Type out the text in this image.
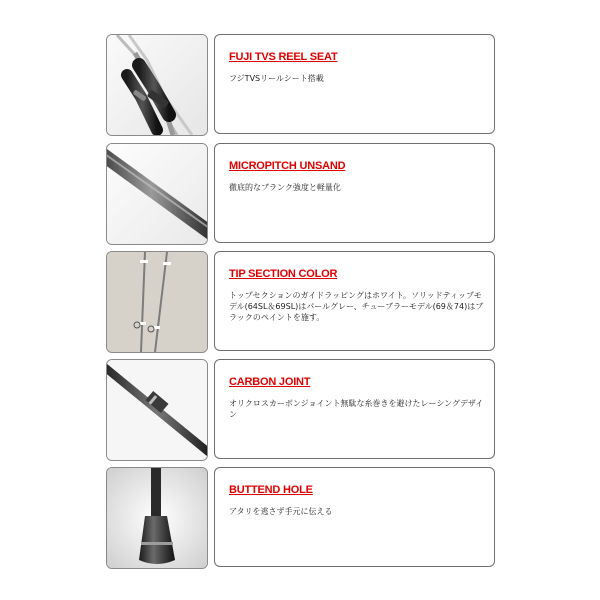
FUJI TVS REEL SEAT

フジTVSリールシート搭載

MICROPITCH UNSAND

徹底的なブランク強度と軽量化

TIP SECTION COLOR

トップセクションのガイドラッピングはホワイト。ソリッドティップモデル(64SL＆69SL)はパールグレー、チューブラーモデル(69＆74)はブラックのペイントを施す。

CARBON JOINT

オリクロスカーボンジョイント無駄な糸巻きを避けたレーシングデザイン

BUTTEND HOLE

アタリを逃さず手元に伝える
